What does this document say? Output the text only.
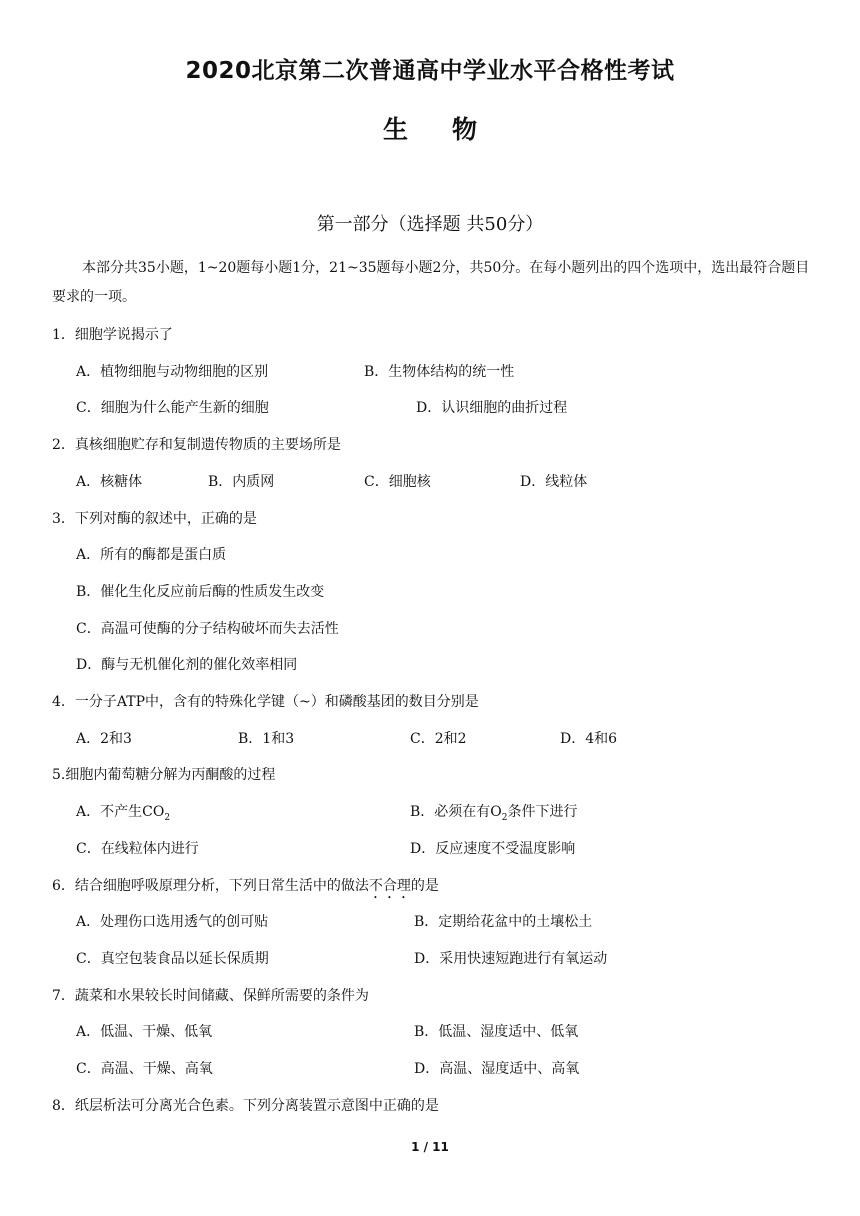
2020北京第二次普通高中学业水平合格性考试
生物
第一部分（选择题 共50分）
本部分共35小题，1~20题每小题1分，21~35题每小题2分，共50分。在每小题列出的四个选项中，选出最符合题目要求的一项。
1．细胞学说揭示了
A．植物细胞与动物细胞的区别	B．生物体结构的统一性
C．细胞为什么能产生新的细胞	D．认识细胞的曲折过程
2．真核细胞贮存和复制遗传物质的主要场所是
A．核糖体	B．内质网	C．细胞核	D．线粒体
3．下列对酶的叙述中，正确的是
A．所有的酶都是蛋白质
B．催化生化反应前后酶的性质发生改变
C．高温可使酶的分子结构破坏而失去活性
D．酶与无机催化剂的催化效率相同
4．一分子ATP中，含有的特殊化学键（~）和磷酸基团的数目分别是
A．2和3	B．1和3	C．2和2	D．4和6
5.细胞内葡萄糖分解为丙酮酸的过程
A．不产生$CO_2$	B．必须在有$O_2$条件下进行
C．在线粒体内进行	D．反应速度不受温度影响
6．结合细胞呼吸原理分析，下列日常生活中的做法不合理的是
A．处理伤口选用透气的创可贴	B．定期给花盆中的土壤松土
C．真空包装食品以延长保质期	D．采用快速短跑进行有氧运动
7．蔬菜和水果较长时间储藏、保鲜所需要的条件为
A．低温、干燥、低氧	B．低温、湿度适中、低氧
C．高温、干燥、高氧	D．高温、湿度适中、高氧
8．纸层析法可分离光合色素。下列分离装置示意图中正确的是
1 / 11
